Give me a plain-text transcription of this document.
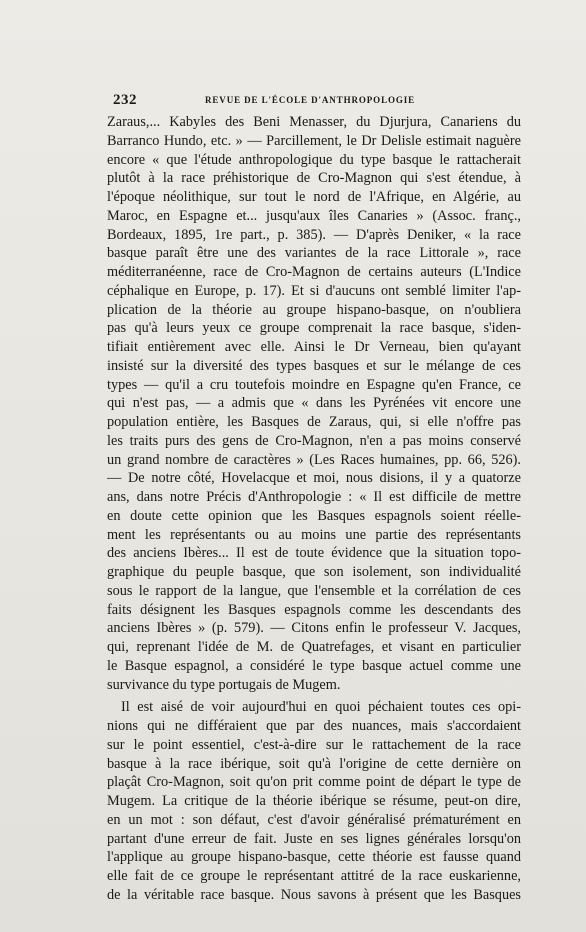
232	REVUE DE L'ÉCOLE D'ANTHROPOLOGIE
Zaraus,... Kabyles des Beni Menasser, du Djurjura, Canariens du
Barranco Hundo, etc. » — Parcillement, le Dr Delisle estimait naguère
encore « que l'étude anthropologique du type basque le rattacherait
plutôt à la race préhistorique de Cro-Magnon qui s'est étendue, à
l'époque néolithique, sur tout le nord de l'Afrique, en Algérie, au
Maroc, en Espagne et... jusqu'aux îles Canaries » (Assoc. franç.,
Bordeaux, 1895, 1re part., p. 385). — D'après Deniker, « la race
basque paraît être une des variantes de la race Littorale », race
méditerranéenne, race de Cro-Magnon de certains auteurs (L'Indice
céphalique en Europe, p. 17). Et si d'aucuns ont semblé limiter l'ap-
plication de la théorie au groupe hispano-basque, on n'oubliera
pas qu'à leurs yeux ce groupe comprenait la race basque, s'iden-
tifiait entièrement avec elle. Ainsi le Dr Verneau, bien qu'ayant
insisté sur la diversité des types basques et sur le mélange de ces
types — qu'il a cru toutefois moindre en Espagne qu'en France, ce
qui n'est pas, — a admis que « dans les Pyrénées vit encore une
population entière, les Basques de Zaraus, qui, si elle n'offre pas
les traits purs des gens de Cro-Magnon, n'en a pas moins conservé
un grand nombre de caractères » (Les Races humaines, pp. 66, 526).
— De notre côté, Hovelacque et moi, nous disions, il y a quatorze
ans, dans notre Précis d'Anthropologie : « Il est difficile de mettre
en doute cette opinion que les Basques espagnols soient réelle-
ment les représentants ou au moins une partie des représentants
des anciens Ibères... Il est de toute évidence que la situation topo-
graphique du peuple basque, que son isolement, son individualité
sous le rapport de la langue, que l'ensemble et la corrélation de ces
faits désignent les Basques espagnols comme les descendants des
anciens Ibères » (p. 579). — Citons enfin le professeur V. Jacques,
qui, reprenant l'idée de M. de Quatrefages, et visant en particulier
le Basque espagnol, a considéré le type basque actuel comme une
survivance du type portugais de Mugem.
Il est aisé de voir aujourd'hui en quoi péchaient toutes ces opi-
nions qui ne différaient que par des nuances, mais s'accordaient
sur le point essentiel, c'est-à-dire sur le rattachement de la race
basque à la race ibérique, soit qu'à l'origine de cette dernière on
plaçât Cro-Magnon, soit qu'on prit comme point de départ le type de
Mugem. La critique de la théorie ibérique se résume, peut-on dire,
en un mot : son défaut, c'est d'avoir généralisé prématurément en
partant d'une erreur de fait. Juste en ses lignes générales lorsqu'on
l'applique au groupe hispano-basque, cette théorie est fausse quand
elle fait de ce groupe le représentant attitré de la race euskarienne,
de la véritable race basque. Nous savons à présent que les Basques
